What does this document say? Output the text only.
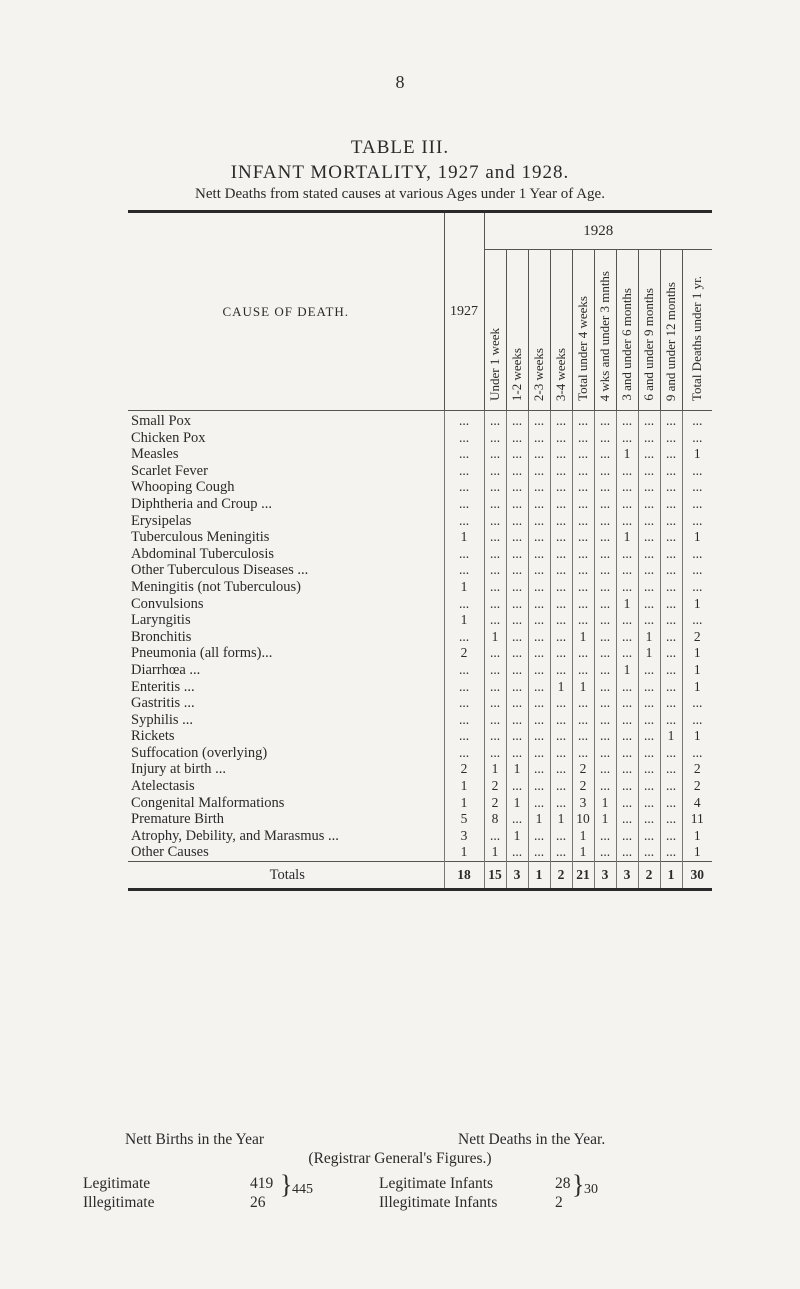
8
TABLE III.
INFANT MORTALITY, 1927 and 1928.
Nett Deaths from stated causes at various Ages under 1 Year of Age.

CAUSE OF DEATH.	1927	1928									
		Under 1 week	1-2 weeks	2-3 weeks	3-4 weeks	Total under 4 weeks	4 wks and under 3 mnths	3 and under 6 months	6 and under 9 months	9 and under 12 months	Total Deaths under 1 yr.
Small Pox	...	...	...	...	...	...	...	...	...	...	...
Chicken Pox	...	...	...	...	...	...	...	...	...	...	...
Measles	...	...	...	...	...	...	...	1	...	...	1
Scarlet Fever	...	...	...	...	...	...	...	...	...	...	...
Whooping Cough	...	...	...	...	...	...	...	...	...	...	...
Diphtheria and Croup ...	...	...	...	...	...	...	...	...	...	...	...
Erysipelas	...	...	...	...	...	...	...	...	...	...	...
Tuberculous Meningitis	1	...	...	...	...	...	...	1	...	...	1
Abdominal Tuberculosis	...	...	...	...	...	...	...	...	...	...	...
Other Tuberculous Diseases ...	...	...	...	...	...	...	...	...	...	...	...
Meningitis (not Tuberculous)	1	...	...	...	...	...	...	...	...	...	...
Convulsions	...	...	...	...	...	...	...	1	...	...	1
Laryngitis	1	...	...	...	...	...	...	...	...	...	...
Bronchitis	...	1	...	...	...	1	...	...	1	...	2
Pneumonia (all forms)...	2	...	...	...	...	...	...	...	1	...	1
Diarrhœa ...	...	...	...	...	...	...	...	1	...	...	1
Enteritis ...	...	...	...	...	1	1	...	...	...	...	1
Gastritis ...	...	...	...	...	...	...	...	...	...	...	...
Syphilis ...	...	...	...	...	...	...	...	...	...	...	...
Rickets	...	...	...	...	...	...	...	...	...	1	1
Suffocation (overlying)	...	...	...	...	...	...	...	...	...	...	...
Injury at birth ...	2	1	1	...	...	2	...	...	...	...	2
Atelectasis	1	2	...	...	...	2	...	...	...	...	2
Congenital Malformations	1	2	1	...	...	3	1	...	...	...	4
Premature Birth	5	8	...	1	1	10	1	...	...	...	11
Atrophy, Debility, and Marasmus ...	3	...	1	...	...	1	...	...	...	...	1
Other Causes	1	1	...	...	...	1	...	...	...	...	1
Totals	18	15	3	1	2	21	3	3	2	1	30
Nett Births in the Year	Nett Deaths in the Year.
(Registrar General's Figures.)
Legitimate	419	Legitimate Infants	28
Illegitimate	26	Illegitimate Infants	2
} 445	} 30
